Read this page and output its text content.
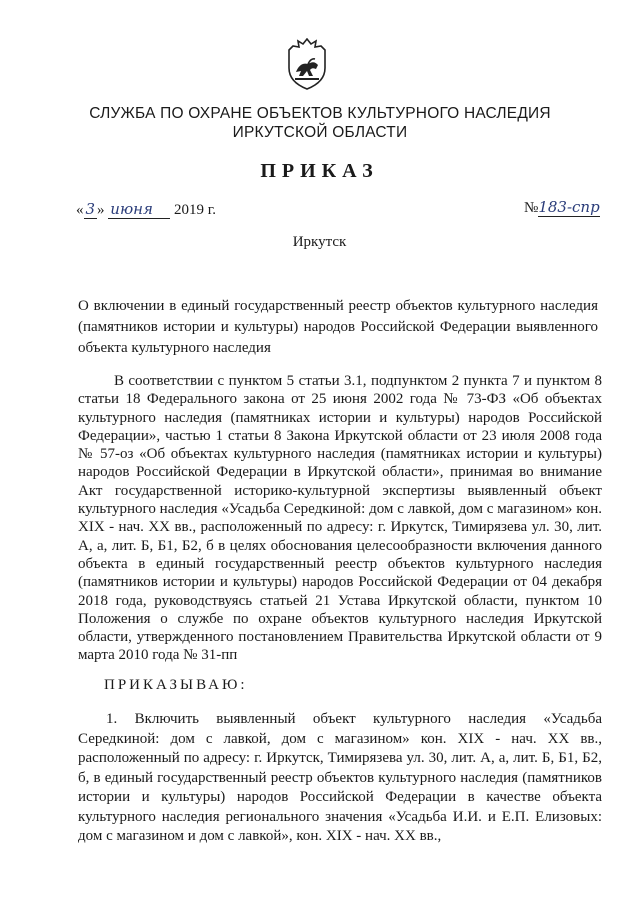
СЛУЖБА ПО ОХРАНЕ ОБЪЕКТОВ КУЛЬТУРНОГО НАСЛЕДИЯ ИРКУТСКОЙ ОБЛАСТИ
ПРИКАЗ
« 3 » июня 2019 г.	№183-спр
Иркутск
О включении в единый государственный реестр объектов культурного наследия (памятников истории и культуры) народов Российской Федерации выявленного объекта культурного наследия
В соответствии с пунктом 5 статьи 3.1, подпунктом 2 пункта 7 и пунктом 8 статьи 18 Федерального закона от 25 июня 2002 года № 73-ФЗ «Об объектах культурного наследия (памятниках истории и культуры) народов Российской Федерации», частью 1 статьи 8 Закона Иркутской области от 23 июля 2008 года № 57-оз «Об объектах культурного наследия (памятниках истории и культуры) народов Российской Федерации в Иркутской области», принимая во внимание Акт государственной историко-культурной экспертизы выявленный объект культурного наследия «Усадьба Середкиной: дом с лавкой, дом с магазином» кон. XIX - нач. XX вв., расположенный по адресу: г. Иркутск, Тимирязева ул. 30, лит. А, а, лит. Б, Б1, Б2, б в целях обоснования целесообразности включения данного объекта в единый государственный реестр объектов культурного наследия (памятников истории и культуры) народов Российской Федерации от 04 декабря 2018 года, руководствуясь статьей 21 Устава Иркутской области, пунктом 10 Положения о службе по охране объектов культурного наследия Иркутской области, утвержденного постановлением Правительства Иркутской области от 9 марта 2010 года № 31-пп
ПРИКАЗЫВАЮ:
1. Включить выявленный объект культурного наследия «Усадьба Середкиной: дом с лавкой, дом с магазином» кон. XIX - нач. XX вв., расположенный по адресу: г. Иркутск, Тимирязева ул. 30, лит. А, а, лит. Б, Б1, Б2, б, в единый государственный реестр объектов культурного наследия (памятников истории и культуры) народов Российской Федерации в качестве объекта культурного наследия регионального значения «Усадьба И.И. и Е.П. Елизовых: дом с магазином и дом с лавкой», кон. XIX - нач. XX вв.,
